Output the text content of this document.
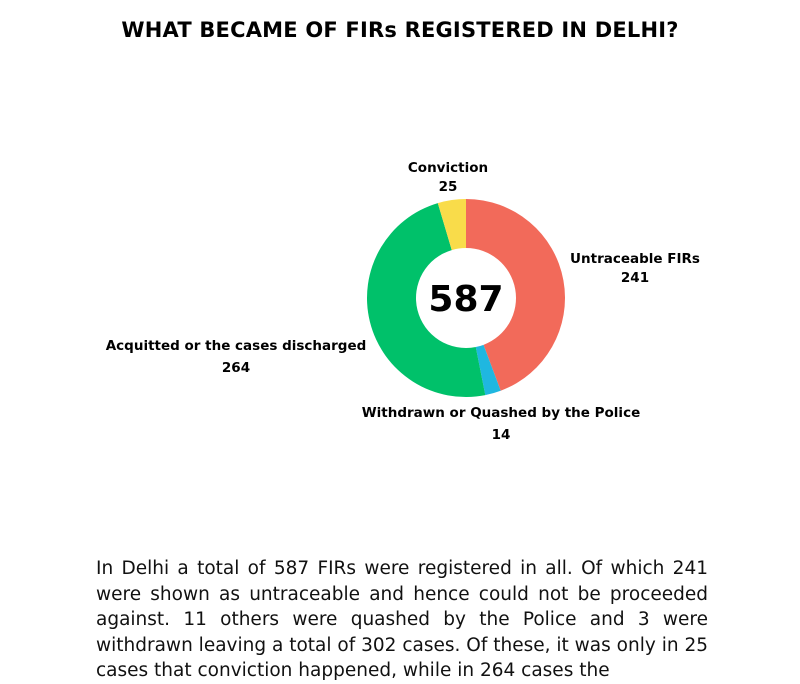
WHAT BECAME OF FIRs REGISTERED IN DELHI?
587
Conviction
25
Untraceable FIRs
241
Acquitted or the cases discharged
264
Withdrawn or Quashed by the Police
14
In Delhi a total of 587 FIRs were registered in all. Of which 241 were shown as untraceable and hence could not be proceeded against. 11 others were quashed by the Police and 3 were withdrawn leaving a total of 302 cases. Of these, it was only in 25 cases that conviction happened, while in 264 cases the
